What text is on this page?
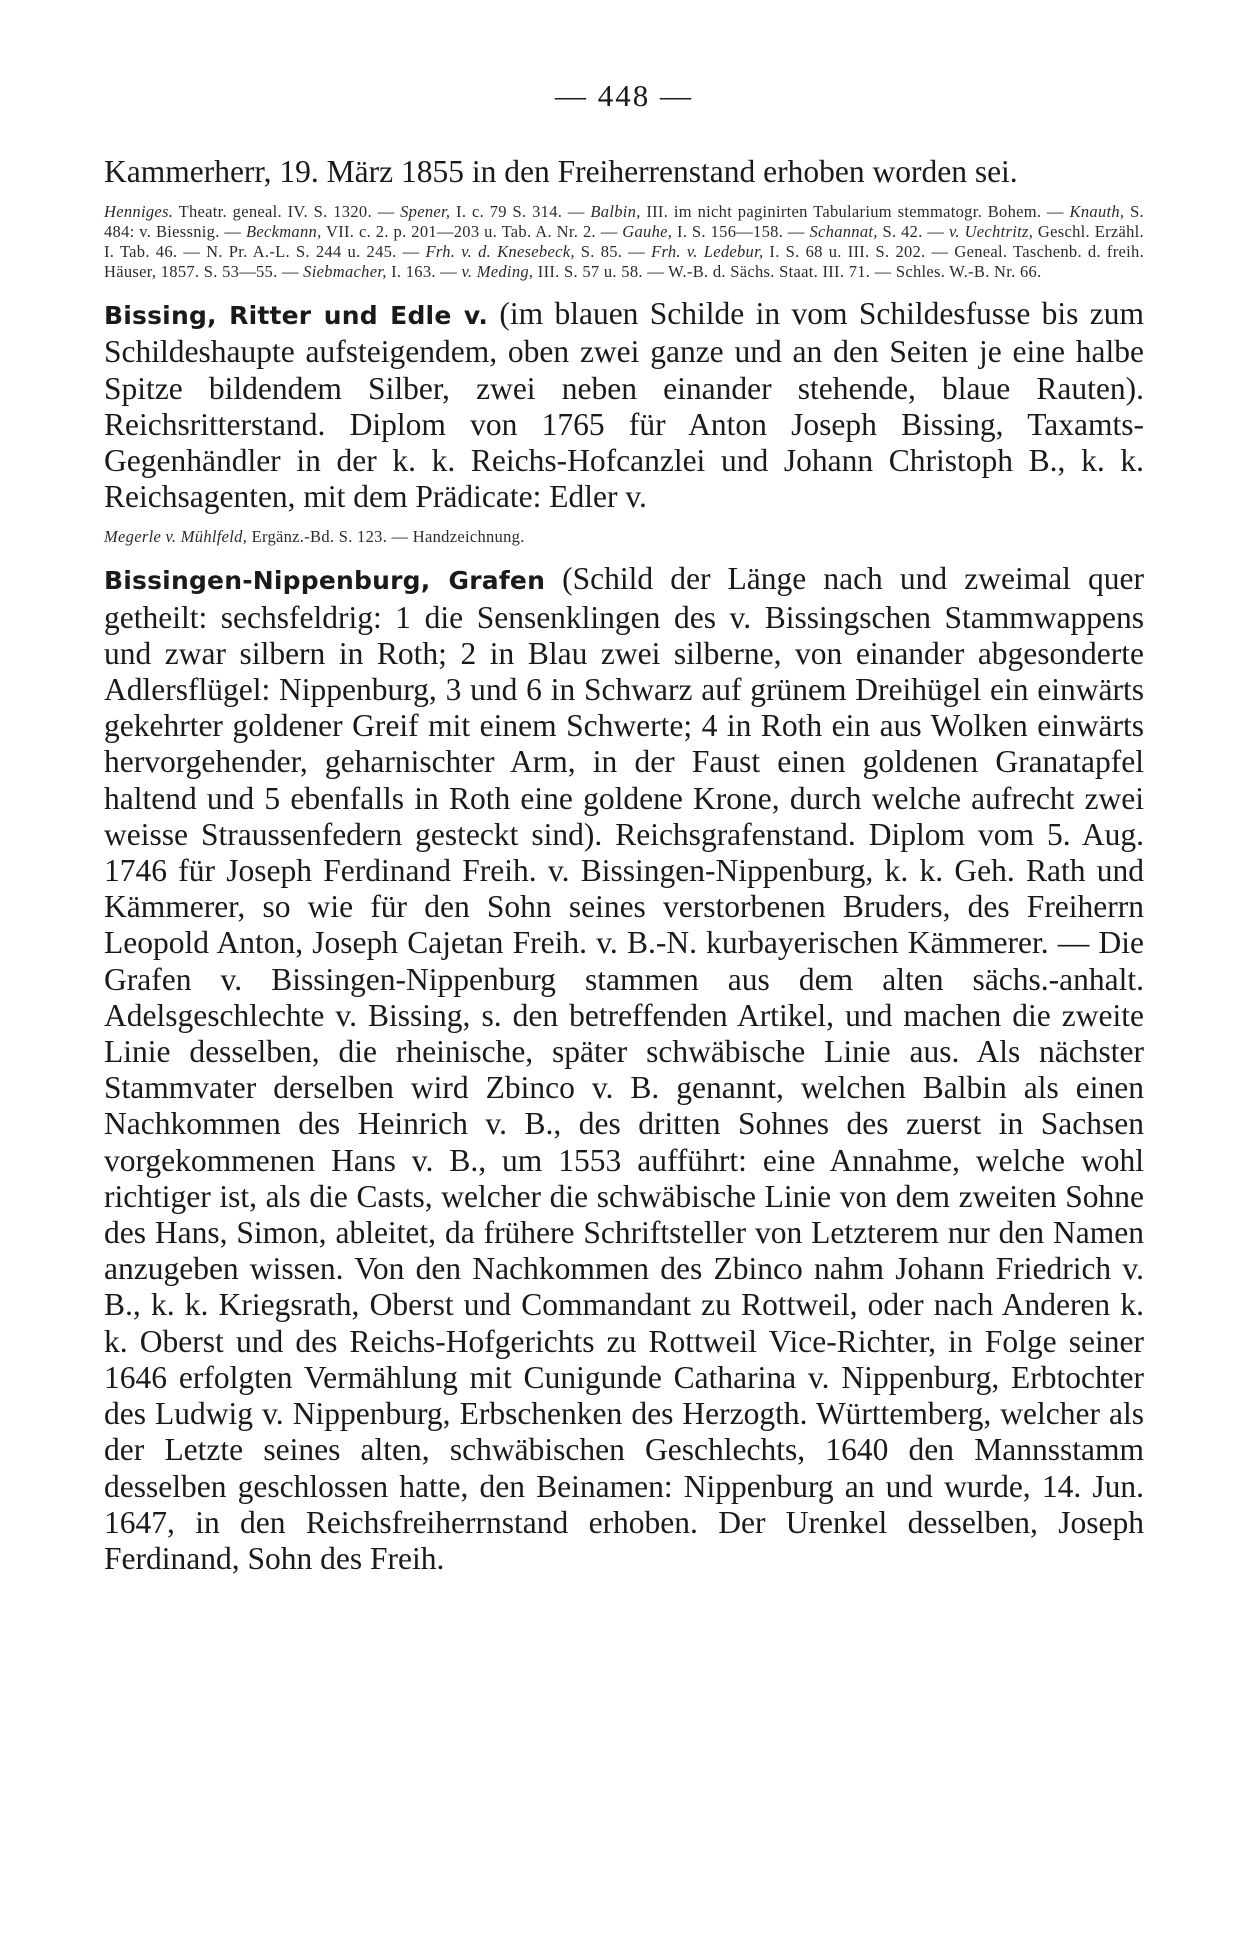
— 448 —

Kammerherr, 19. März 1855 in den Freiherrenstand erhoben worden sei.

Henniges. Theatr. geneal. IV. S. 1320. — Spener, I. c. 79 S. 314. — Balbin, III. im nicht paginirten Tabularium stemmatogr. Bohem. — Knauth, S. 484: v. Biessnig. — Beckmann, VII. c. 2. p. 201—203 u. Tab. A. Nr. 2. — Gauhe, I. S. 156—158. — Schannat, S. 42. — v. Uechtritz, Geschl. Erzähl. I. Tab. 46. — N. Pr. A.-L. S. 244 u. 245. — Frh. v. d. Knesebeck, S. 85. — Frh. v. Ledebur, I. S. 68 u. III. S. 202. — Geneal. Taschenb. d. freih. Häuser, 1857. S. 53—55. — Siebmacher, I. 163. — v. Meding, III. S. 57 u. 58. — W.-B. d. Sächs. Staat. III. 71. — Schles. W.-B. Nr. 66.

Bissing, Ritter und Edle v. (im blauen Schilde in vom Schildesfusse bis zum Schildeshaupte aufsteigendem, oben zwei ganze und an den Seiten je eine halbe Spitze bildendem Silber, zwei neben einander stehende, blaue Rauten). Reichsritterstand. Diplom von 1765 für Anton Joseph Bissing, Taxamts-Gegenhändler in der k. k. Reichs-Hofcanzlei und Johann Christoph B., k. k. Reichsagenten, mit dem Prädicate: Edler v.

Megerle v. Mühlfeld, Ergänz.-Bd. S. 123. — Handzeichnung.

Bissingen-Nippenburg, Grafen (Schild der Länge nach und zweimal quer getheilt: sechsfeldrig: 1 die Sensenklingen des v. Bissingschen Stammwappens und zwar silbern in Roth; 2 in Blau zwei silberne, von einander abgesonderte Adlersflügel: Nippenburg, 3 und 6 in Schwarz auf grünem Dreihügel ein einwärts gekehrter goldener Greif mit einem Schwerte; 4 in Roth ein aus Wolken einwärts hervorgehender, geharnischter Arm, in der Faust einen goldenen Granatapfel haltend und 5 ebenfalls in Roth eine goldene Krone, durch welche aufrecht zwei weisse Straussenfedern gesteckt sind). Reichsgrafenstand. Diplom vom 5. Aug. 1746 für Joseph Ferdinand Freih. v. Bissingen-Nippenburg, k. k. Geh. Rath und Kämmerer, so wie für den Sohn seines verstorbenen Bruders, des Freiherrn Leopold Anton, Joseph Cajetan Freih. v. B.-N. kurbayerischen Kämmerer. — Die Grafen v. Bissingen-Nippenburg stammen aus dem alten sächs.-anhalt. Adelsgeschlechte v. Bissing, s. den betreffenden Artikel, und machen die zweite Linie desselben, die rheinische, später schwäbische Linie aus. Als nächster Stammvater derselben wird Zbinco v. B. genannt, welchen Balbin als einen Nachkommen des Heinrich v. B., des dritten Sohnes des zuerst in Sachsen vorgekommenen Hans v. B., um 1553 aufführt: eine Annahme, welche wohl richtiger ist, als die Casts, welcher die schwäbische Linie von dem zweiten Sohne des Hans, Simon, ableitet, da frühere Schriftsteller von Letzterem nur den Namen anzugeben wissen. Von den Nachkommen des Zbinco nahm Johann Friedrich v. B., k. k. Kriegsrath, Oberst und Commandant zu Rottweil, oder nach Anderen k. k. Oberst und des Reichs-Hofgerichts zu Rottweil Vice-Richter, in Folge seiner 1646 erfolgten Vermählung mit Cunigunde Catharina v. Nippenburg, Erbtochter des Ludwig v. Nippenburg, Erbschenken des Herzogth. Württemberg, welcher als der Letzte seines alten, schwäbischen Geschlechts, 1640 den Mannsstamm desselben geschlossen hatte, den Beinamen: Nippenburg an und wurde, 14. Jun. 1647, in den Reichsfreiherrnstand erhoben. Der Urenkel desselben, Joseph Ferdinand, Sohn des Freih.
